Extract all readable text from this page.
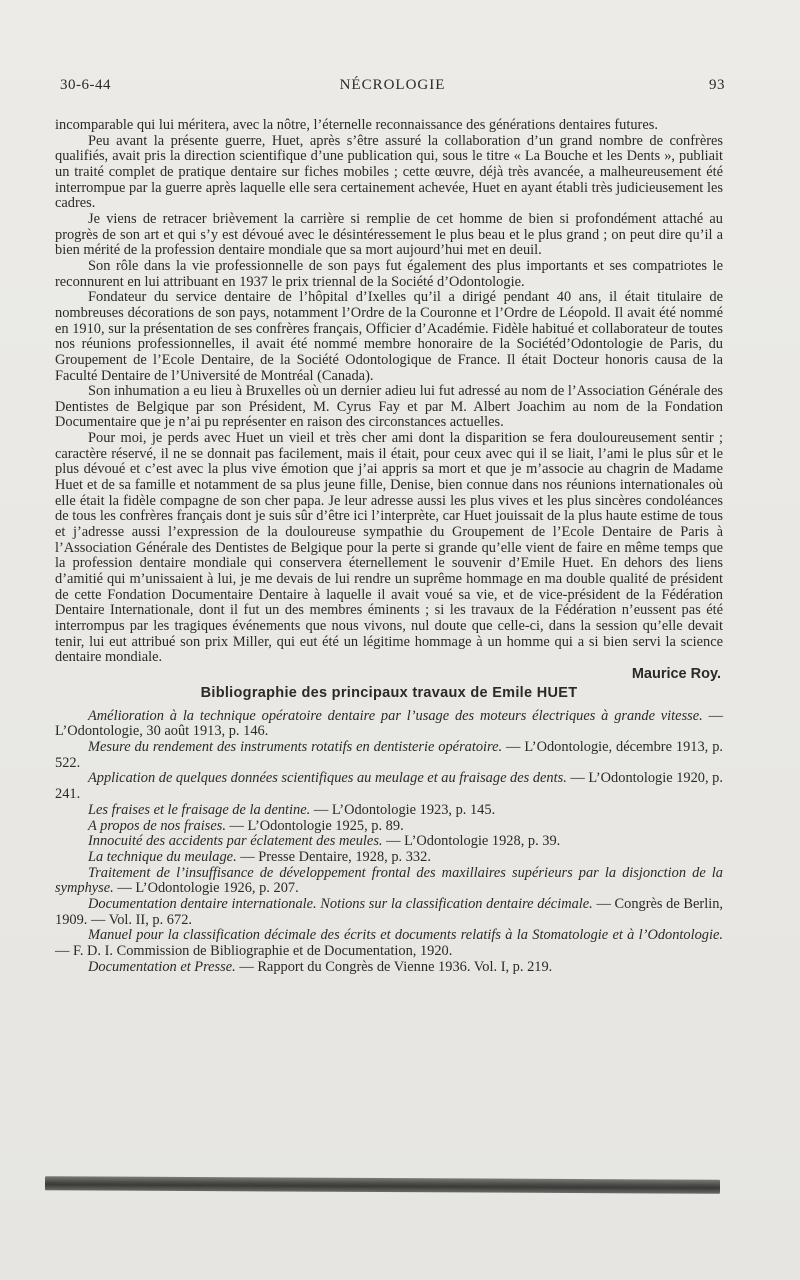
30-6-44	NÉCROLOGIE	93

incomparable qui lui méritera, avec la nôtre, l’éternelle reconnaissance des générations dentaires futures.

Peu avant la présente guerre, Huet, après s’être assuré la collaboration d’un grand nombre de confrères qualifiés, avait pris la direction scientifique d’une publication qui, sous le titre « La Bouche et les Dents », publiait un traité complet de pratique dentaire sur fiches mobiles ; cette œuvre, déjà très avancée, a malheureusement été interrompue par la guerre après laquelle elle sera certainement achevée, Huet en ayant établi très judicieusement les cadres.

Je viens de retracer brièvement la carrière si remplie de cet homme de bien si profondément attaché au progrès de son art et qui s’y est dévoué avec le désintéressement le plus beau et le plus grand ; on peut dire qu’il a bien mérité de la profession dentaire mondiale que sa mort aujourd’hui met en deuil.

Son rôle dans la vie professionnelle de son pays fut également des plus importants et ses compatriotes le reconnurent en lui attribuant en 1937 le prix triennal de la Société d’Odontologie.

Fondateur du service dentaire de l’hôpital d’Ixelles qu’il a dirigé pendant 40 ans, il était titulaire de nombreuses décorations de son pays, notamment l’Ordre de la Couronne et l’Ordre de Léopold. Il avait été nommé en 1910, sur la présentation de ses confrères français, Officier d’Académie. Fidèle habitué et collaborateur de toutes nos réunions professionnelles, il avait été nommé membre honoraire de la Sociétéd’Odontologie de Paris, du Groupement de l’Ecole Dentaire, de la Société Odontologique de France. Il était Docteur honoris causa de la Faculté Dentaire de l’Université de Montréal (Canada).

Son inhumation a eu lieu à Bruxelles où un dernier adieu lui fut adressé au nom de l’Association Générale des Dentistes de Belgique par son Président, M. Cyrus Fay et par M. Albert Joachim au nom de la Fondation Documentaire que je n’ai pu représenter en raison des circonstances actuelles.

Pour moi, je perds avec Huet un vieil et très cher ami dont la disparition se fera douloureusement sentir ; caractère réservé, il ne se donnait pas facilement, mais il était, pour ceux avec qui il se liait, l’ami le plus sûr et le plus dévoué et c’est avec la plus vive émotion que j’ai appris sa mort et que je m’associe au chagrin de Madame Huet et de sa famille et notamment de sa plus jeune fille, Denise, bien connue dans nos réunions internationales où elle était la fidèle compagne de son cher papa. Je leur adresse aussi les plus vives et les plus sincères condoléances de tous les confrères français dont je suis sûr d’être ici l’interprète, car Huet jouissait de la plus haute estime de tous et j’adresse aussi l’expression de la douloureuse sympathie du Groupement de l’Ecole Dentaire de Paris à l’Association Générale des Dentistes de Belgique pour la perte si grande qu’elle vient de faire en même temps que la profession dentaire mondiale qui conservera éternellement le souvenir d’Emile Huet. En dehors des liens d’amitié qui m’unissaient à lui, je me devais de lui rendre un suprême hommage en ma double qualité de président de cette Fondation Documentaire Dentaire à laquelle il avait voué sa vie, et de vice-président de la Fédération Dentaire Internationale, dont il fut un des membres éminents ; si les travaux de la Fédération n’eussent pas été interrompus par les tragiques événements que nous vivons, nul doute que celle-ci, dans la session qu’elle devait tenir, lui eut attribué son prix Miller, qui eut été un légitime hommage à un homme qui a si bien servi la science dentaire mondiale.

Maurice Roy.
Bibliographie des principaux travaux de Emile HUET

Amélioration à la technique opératoire dentaire par l’usage des moteurs électriques à grande vitesse. — L’Odontologie, 30 août 1913, p. 146.

Mesure du rendement des instruments rotatifs en dentisterie opératoire. — L’Odontologie, décembre 1913, p. 522.

Application de quelques données scientifiques au meulage et au fraisage des dents. — L’Odontologie 1920, p. 241.

Les fraises et le fraisage de la dentine. — L’Odontologie 1923, p. 145.

A propos de nos fraises. — L’Odontologie 1925, p. 89.

Innocuité des accidents par éclatement des meules. — L’Odontologie 1928, p. 39.

La technique du meulage. — Presse Dentaire, 1928, p. 332.

Traitement de l’insuffisance de développement frontal des maxillaires supérieurs par la disjonction de la symphyse. — L’Odontologie 1926, p. 207.

Documentation dentaire internationale. Notions sur la classification dentaire décimale. — Congrès de Berlin, 1909. — Vol. II, p. 672.

Manuel pour la classification décimale des écrits et documents relatifs à la Stomatologie et à l’Odontologie. — F. D. I. Commission de Bibliographie et de Documentation, 1920.

Documentation et Presse. — Rapport du Congrès de Vienne 1936. Vol. I, p. 219.
